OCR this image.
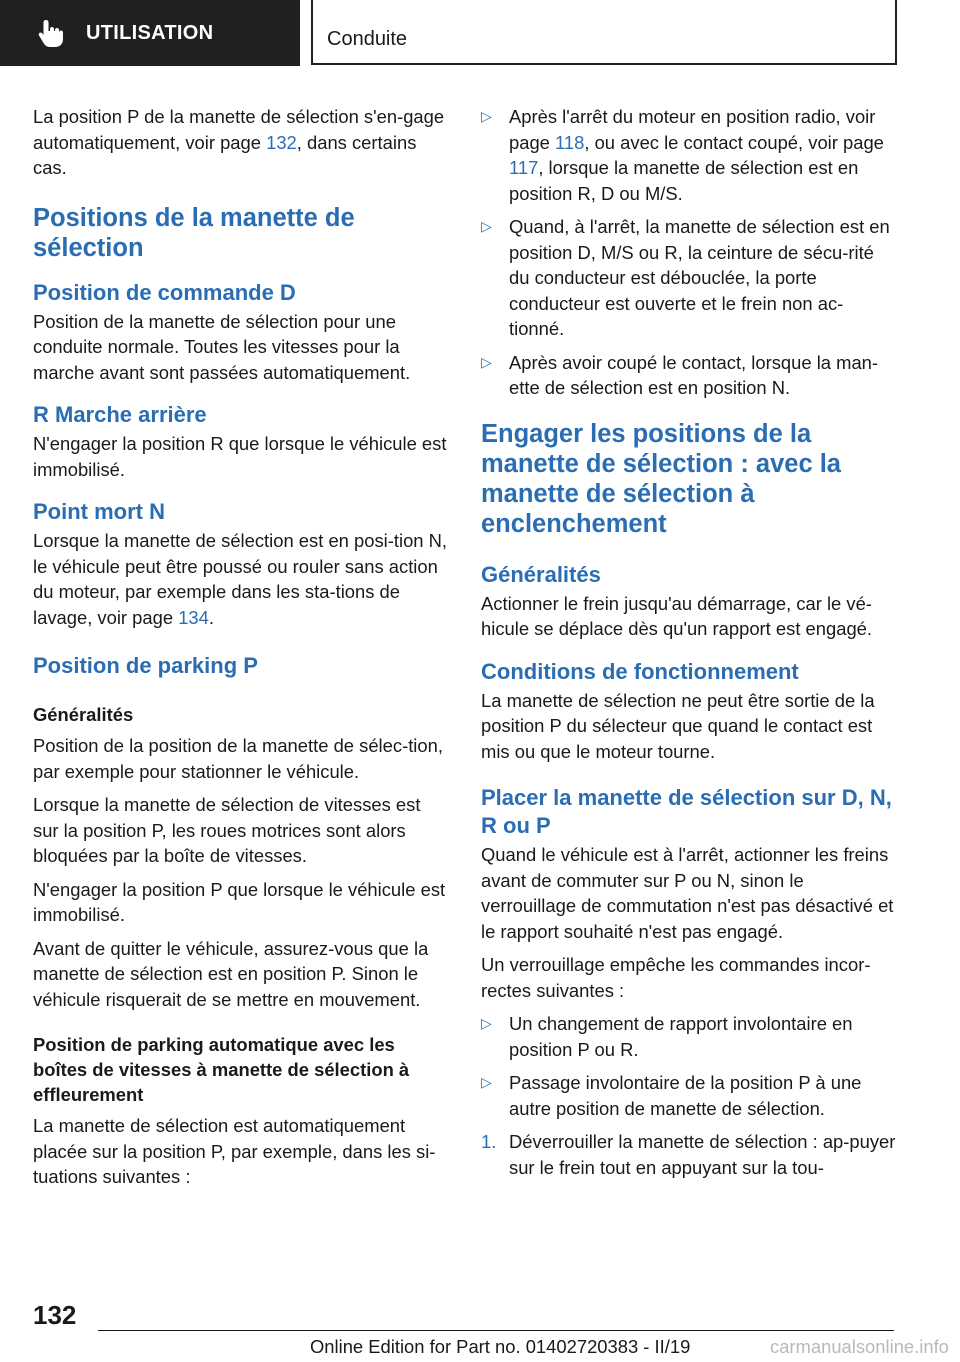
UTILISATION	Conduite

La position P de la manette de sélection s'en-gage automatiquement, voir page 132, dans certains cas.

Positions de la manette de sélection
Position de commande D

Position de la manette de sélection pour une conduite normale. Toutes les vitesses pour la marche avant sont passées automatiquement.

R Marche arrière

N'engager la position R que lorsque le véhicule est immobilisé.

Point mort N

Lorsque la manette de sélection est en posi-tion N, le véhicule peut être poussé ou rouler sans action du moteur, par exemple dans les sta-tions de lavage, voir page 134.

Position de parking P
Généralités

Position de la position de la manette de sélec-tion, par exemple pour stationner le véhicule.

Lorsque la manette de sélection de vitesses est sur la position P, les roues motrices sont alors bloquées par la boîte de vitesses.

N'engager la position P que lorsque le véhicule est immobilisé.

Avant de quitter le véhicule, assurez-vous que la manette de sélection est en position P. Sinon le véhicule risquerait de se mettre en mouvement.

Position de parking automatique avec les boîtes de vitesses à manette de sélection à effleurement

La manette de sélection est automatiquement placée sur la position P, par exemple, dans les si-tuations suivantes :

▷ Après l'arrêt du moteur en position radio, voir page 118, ou avec le contact coupé, voir page 117, lorsque la manette de sélection est en position R, D ou M/S.
▷ Quand, à l'arrêt, la manette de sélection est en position D, M/S ou R, la ceinture de sécu-rité du conducteur est débouclée, la porte conducteur est ouverte et le frein non ac-tionné.
▷ Après avoir coupé le contact, lorsque la man-ette de sélection est en position N.
Engager les positions de la manette de sélection : avec la manette de sélection à enclenchement
Généralités

Actionner le frein jusqu'au démarrage, car le vé-hicule se déplace dès qu'un rapport est engagé.

Conditions de fonctionnement

La manette de sélection ne peut être sortie de la position P du sélecteur que quand le contact est mis ou que le moteur tourne.

Placer la manette de sélection sur D, N, R ou P

Quand le véhicule est à l'arrêt, actionner les freins avant de commuter sur P ou N, sinon le verrouillage de commutation n'est pas désactivé et le rapport souhaité n'est pas engagé.

Un verrouillage empêche les commandes incor-rectes suivantes :

▷ Un changement de rapport involontaire en position P ou R.
▷ Passage involontaire de la position P à une autre position de manette de sélection.
1. Déverrouiller la manette de sélection : ap-puyer sur le frein tout en appuyant sur la tou-
132
Online Edition for Part no. 01402720383 - II/19	carmanualsonline.info
